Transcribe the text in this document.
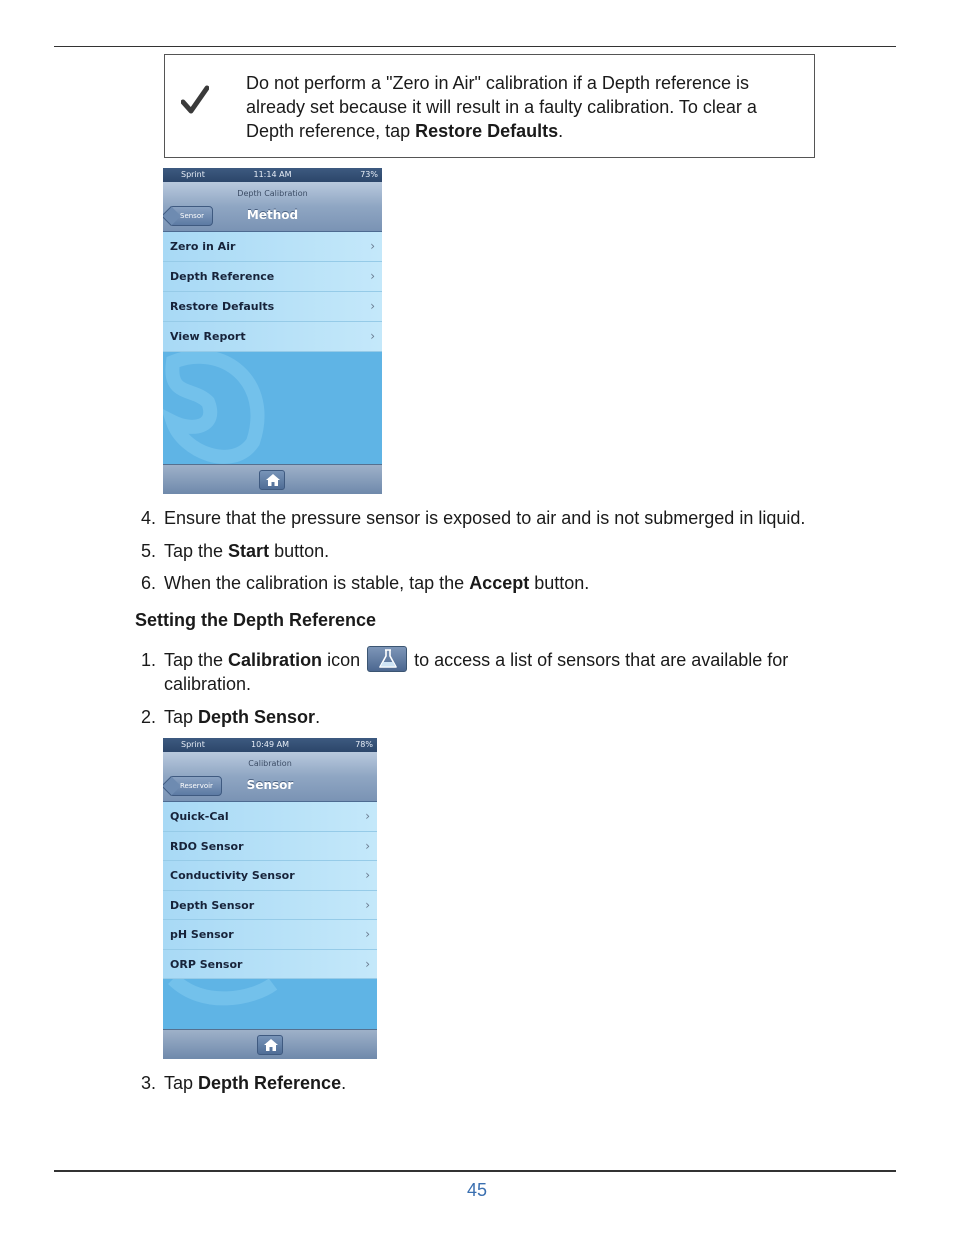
Do not perform a "Zero in Air" calibration if a Depth reference is already set because it will result in a faulty calibration. To clear a Depth reference, tap Restore Defaults.
Sprint	11:14 AM	73%
Depth Calibration
Method
Sensor
Zero in Air	›
Depth Reference	›
Restore Defaults	›
View Report	›
4. Ensure that the pressure sensor is exposed to air and is not submerged in liquid.
5. Tap the Start button.
6. When the calibration is stable, tap the Accept button.
Setting the Depth Reference
1. Tap the Calibration icon
to access a list of sensors that are available for
calibration.
2. Tap Depth Sensor.
Sprint	10:49 AM	78%
Calibration
Sensor
Reservoir
Quick-Cal	›
RDO Sensor	›
Conductivity Sensor	›
Depth Sensor	›
pH Sensor	›
ORP Sensor	›
3. Tap Depth Reference.
45
